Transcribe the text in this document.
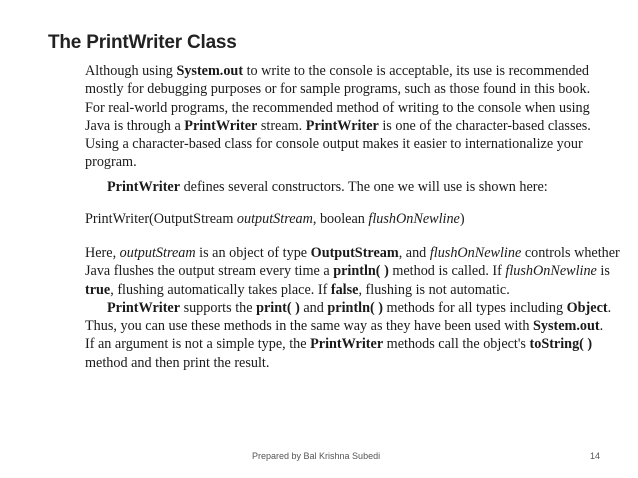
The PrintWriter Class
Although using System.out to write to the console is acceptable, its use is recommended
mostly for debugging purposes or for sample programs, such as those found in this book.
For real-world programs, the recommended method of writing to the console when using
Java is through a PrintWriter stream. PrintWriter is one of the character-based classes.
Using a character-based class for console output makes it easier to internationalize your
program.
PrintWriter defines several constructors. The one we will use is shown here:
PrintWriter(OutputStream outputStream, boolean flushOnNewline)
Here, outputStream is an object of type OutputStream, and flushOnNewline controls whether
Java flushes the output stream every time a println( ) method is called. If flushOnNewline is
true, flushing automatically takes place. If false, flushing is not automatic.
PrintWriter supports the print( ) and println( ) methods for all types including Object.
Thus, you can use these methods in the same way as they have been used with System.out.
If an argument is not a simple type, the PrintWriter methods call the object's toString( )
method and then print the result.
Prepared by Bal Krishna Subedi	14
